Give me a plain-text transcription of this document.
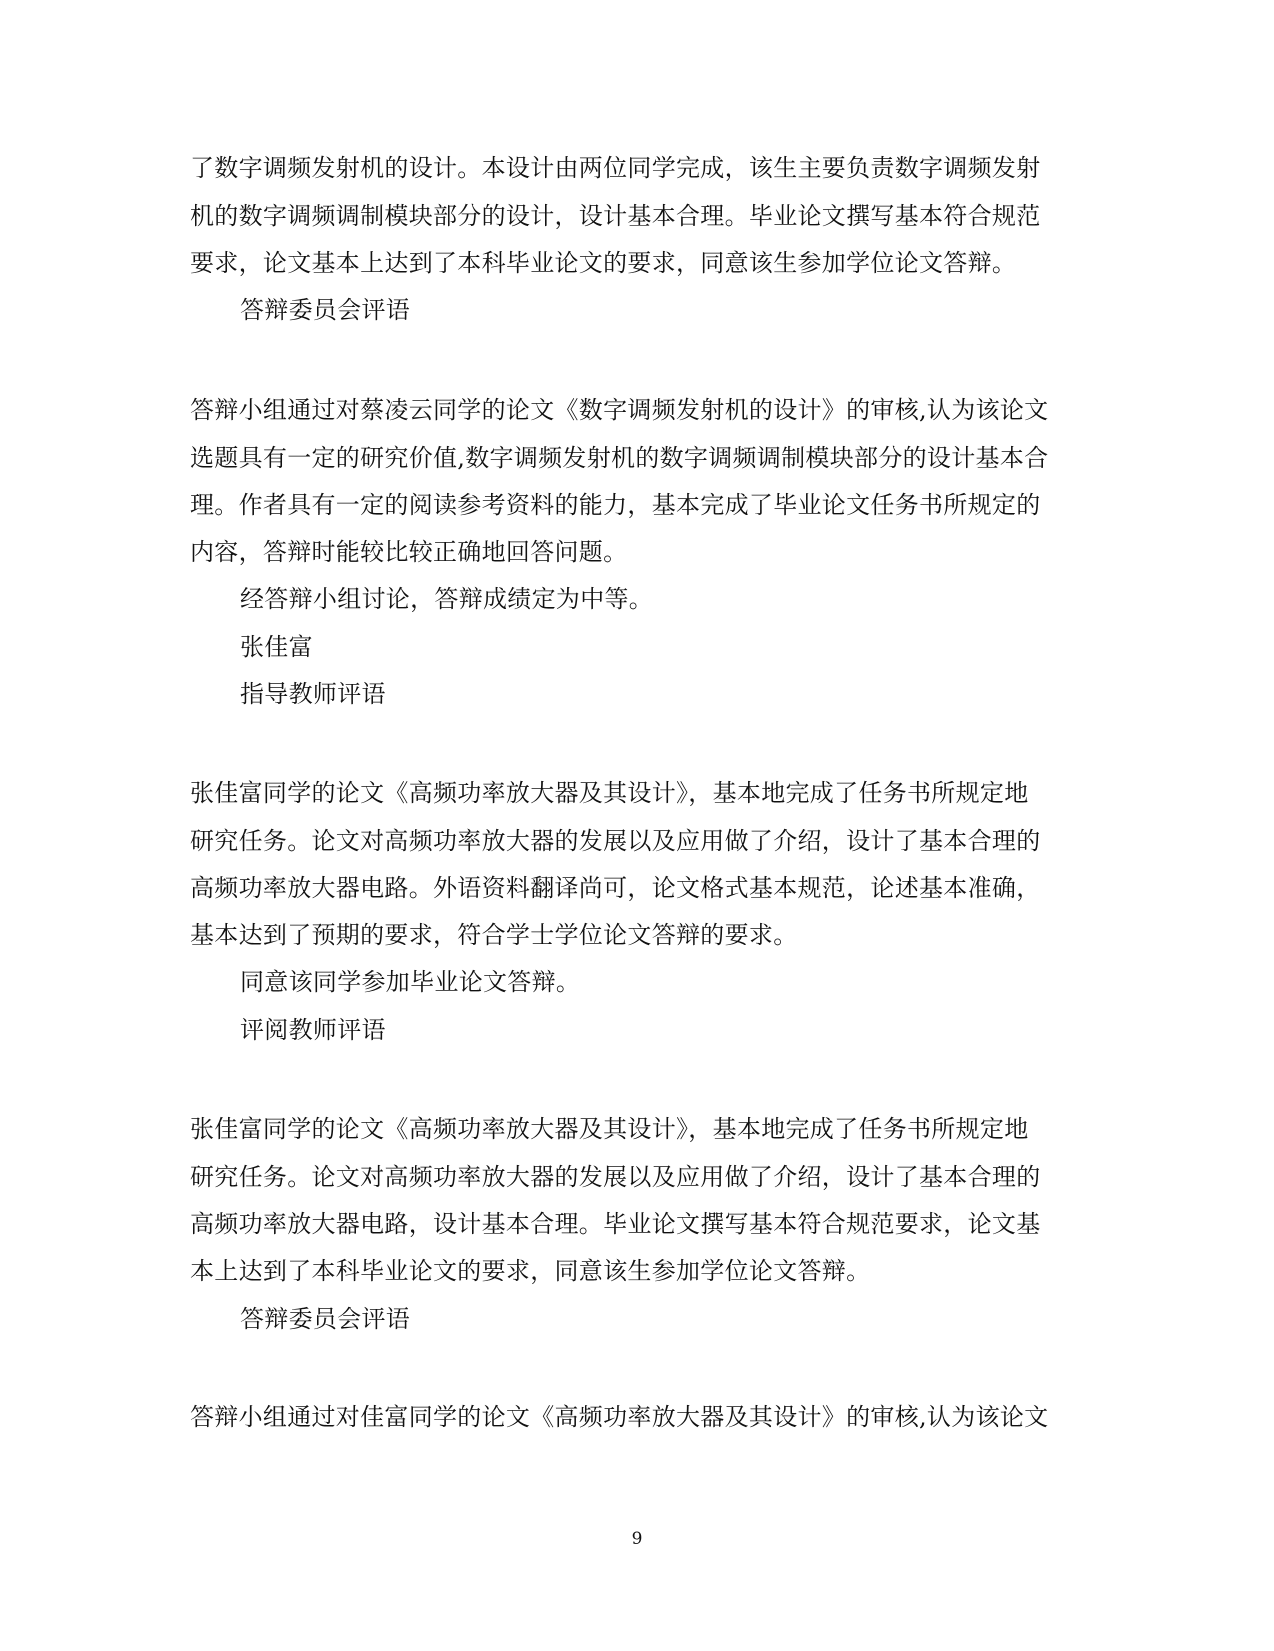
了数字调频发射机的设计。本设计由两位同学完成，该生主要负责数字调频发射
机的数字调频调制模块部分的设计，设计基本合理。毕业论文撰写基本符合规范
要求，论文基本上达到了本科毕业论文的要求，同意该生参加学位论文答辩。
答辩委员会评语
答辩小组通过对蔡凌云同学的论文《数字调频发射机的设计》的审核,认为该论文
选题具有一定的研究价值,数字调频发射机的数字调频调制模块部分的设计基本合
理。作者具有一定的阅读参考资料的能力，基本完成了毕业论文任务书所规定的
内容，答辩时能较比较正确地回答问题。
经答辩小组讨论，答辩成绩定为中等。
张佳富
指导教师评语
张佳富同学的论文《高频功率放大器及其设计》，基本地完成了任务书所规定地
研究任务。论文对高频功率放大器的发展以及应用做了介绍，设计了基本合理的
高频功率放大器电路。外语资料翻译尚可，论文格式基本规范，论述基本准确，
基本达到了预期的要求，符合学士学位论文答辩的要求。
同意该同学参加毕业论文答辩。
评阅教师评语
张佳富同学的论文《高频功率放大器及其设计》，基本地完成了任务书所规定地
研究任务。论文对高频功率放大器的发展以及应用做了介绍，设计了基本合理的
高频功率放大器电路，设计基本合理。毕业论文撰写基本符合规范要求，论文基
本上达到了本科毕业论文的要求，同意该生参加学位论文答辩。
答辩委员会评语
答辩小组通过对佳富同学的论文《高频功率放大器及其设计》的审核,认为该论文
9
